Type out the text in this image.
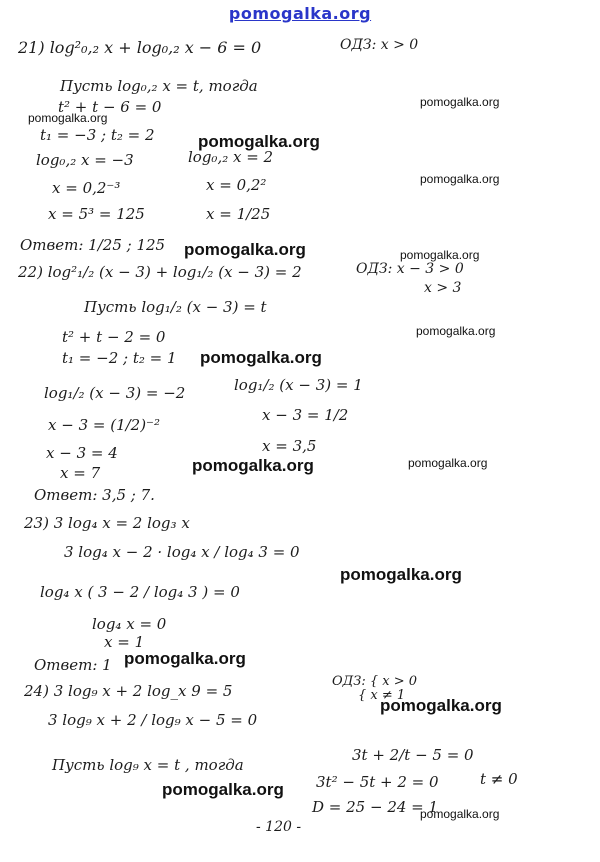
pomogalka.org
21) log²₀,₂ x + log₀,₂ x − 6 = 0	ОДЗ: x > 0
Пусть log₀,₂ x = t, тогда
t² + t − 6 = 0
t₁ = −3 ; t₂ = 2
log₀,₂ x = −3	log₀,₂ x = 2
x = 0,2⁻³	x = 0,2²
x = 5³ = 125	x = 1/25
Ответ: 1/25 ; 125
22) log²₁/₂ (x − 3) + log₁/₂ (x − 3) = 2	ОДЗ: x − 3 > 0
x > 3
Пусть log₁/₂ (x − 3) = t
t² + t − 2 = 0
t₁ = −2 ; t₂ = 1
log₁/₂ (x − 3) = −2	log₁/₂ (x − 3) = 1
x − 3 = (1/2)⁻²
x − 3 = 1/2
x − 3 = 4	x = 3,5
x = 7
Ответ: 3,5 ; 7.
23) 3 log₄ x = 2 log₃ x
3 log₄ x − 2 · log₄ x / log₄ 3 = 0
log₄ x ( 3 − 2 / log₄ 3 ) = 0
log₄ x = 0
x = 1
Ответ: 1
24) 3 log₉ x + 2 log_x 9 = 5
ОДЗ: { x > 0
{ x ≠ 1
3 log₉ x + 2 / log₉ x − 5 = 0
Пусть log₉ x = t , тогда
3t + 2/t − 5 = 0
3t² − 5t + 2 = 0	t ≠ 0
D = 25 − 24 = 1
- 120 -
pomogalka.org
pomogalka.org
pomogalka.org
pomogalka.org
pomogalka.org	pomogalka.org
pomogalka.org
pomogalka.org
pomogalka.org	pomogalka.org
pomogalka.org
pomogalka.org
pomogalka.org
pomogalka.org
pomogalka.org
